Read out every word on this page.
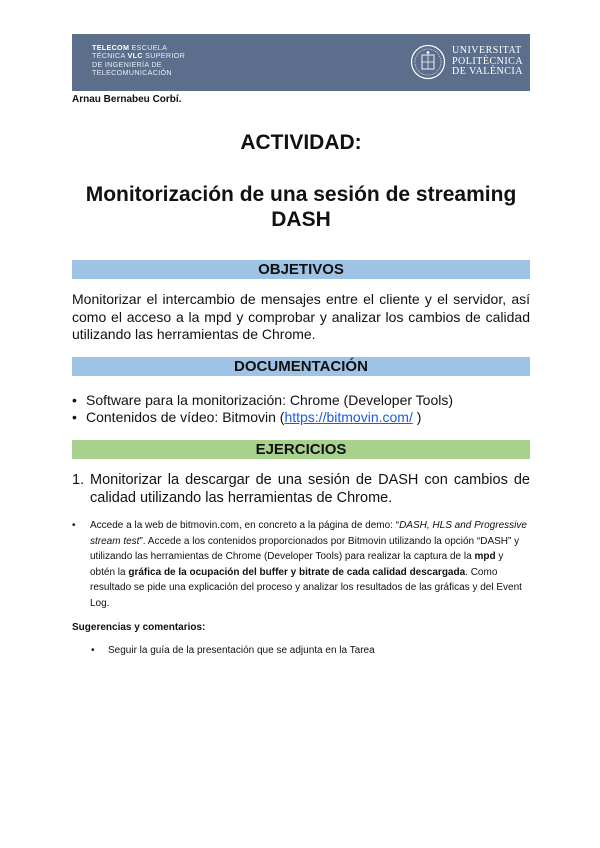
TELECOM ESCUELA
TÉCNICA VLC SUPERIOR
DE INGENIERÍA DE
TELECOMUNICACIÓN
UNIVERSITAT
POLITÈCNICA
DE VALÈNCIA
Arnau Bernabeu Corbí.
ACTIVIDAD:
Monitorización de una sesión de streaming
DASH
OBJETIVOS
Monitorizar el intercambio de mensajes entre el cliente y el servidor, así como el acceso a la mpd y comprobar y analizar los cambios de calidad utilizando las herramientas de Chrome.
DOCUMENTACIÓN
• Software para la monitorización: Chrome (Developer Tools)
• Contenidos de vídeo: Bitmovin (https://bitmovin.com/ )
EJERCICIOS
1. Monitorizar la descargar de una sesión de DASH con cambios de calidad utilizando las herramientas de Chrome.
• Accede a la web de bitmovin.com, en concreto a la página de demo: “DASH, HLS and Progressive stream test”. Accede a los contenidos proporcionados por Bitmovin utilizando la opción “DASH” y utilizando las herramientas de Chrome (Developer Tools) para realizar la captura de la mpd y obtén la gráfica de la ocupación del buffer y bitrate de cada calidad descargada. Como resultado se pide una explicación del proceso y analizar los resultados de las gráficas y del Event Log.
Sugerencias y comentarios:
• Seguir la guía de la presentación que se adjunta en la Tarea
